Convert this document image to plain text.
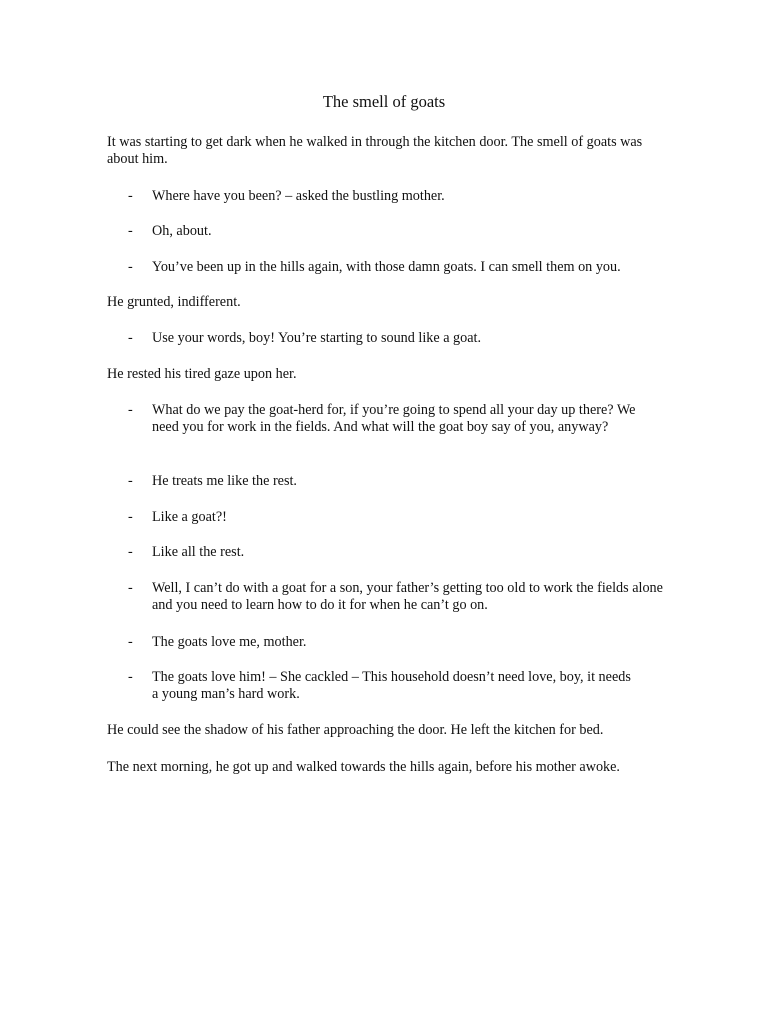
The smell of goats

It was starting to get dark when he walked in through the kitchen door. The smell of goats was about him.

- Where have you been? – asked the bustling mother.
- Oh, about.
- You’ve been up in the hills again, with those damn goats. I can smell them on you.

He grunted, indifferent.

- Use your words, boy! You’re starting to sound like a goat.

He rested his tired gaze upon her.

- What do we pay the goat-herd for, if you’re going to spend all your day up there? We need you for work in the fields. And what will the goat boy say of you, anyway?
- He treats me like the rest.
- Like a goat?!
- Like all the rest.
- Well, I can’t do with a goat for a son, your father’s getting too old to work the fields alone and you need to learn how to do it for when he can’t go on.
- The goats love me, mother.
- The goats love him! – She cackled – This household doesn’t need love, boy, it needs a young man’s hard work.

He could see the shadow of his father approaching the door. He left the kitchen for bed.

The next morning, he got up and walked towards the hills again, before his mother awoke.
